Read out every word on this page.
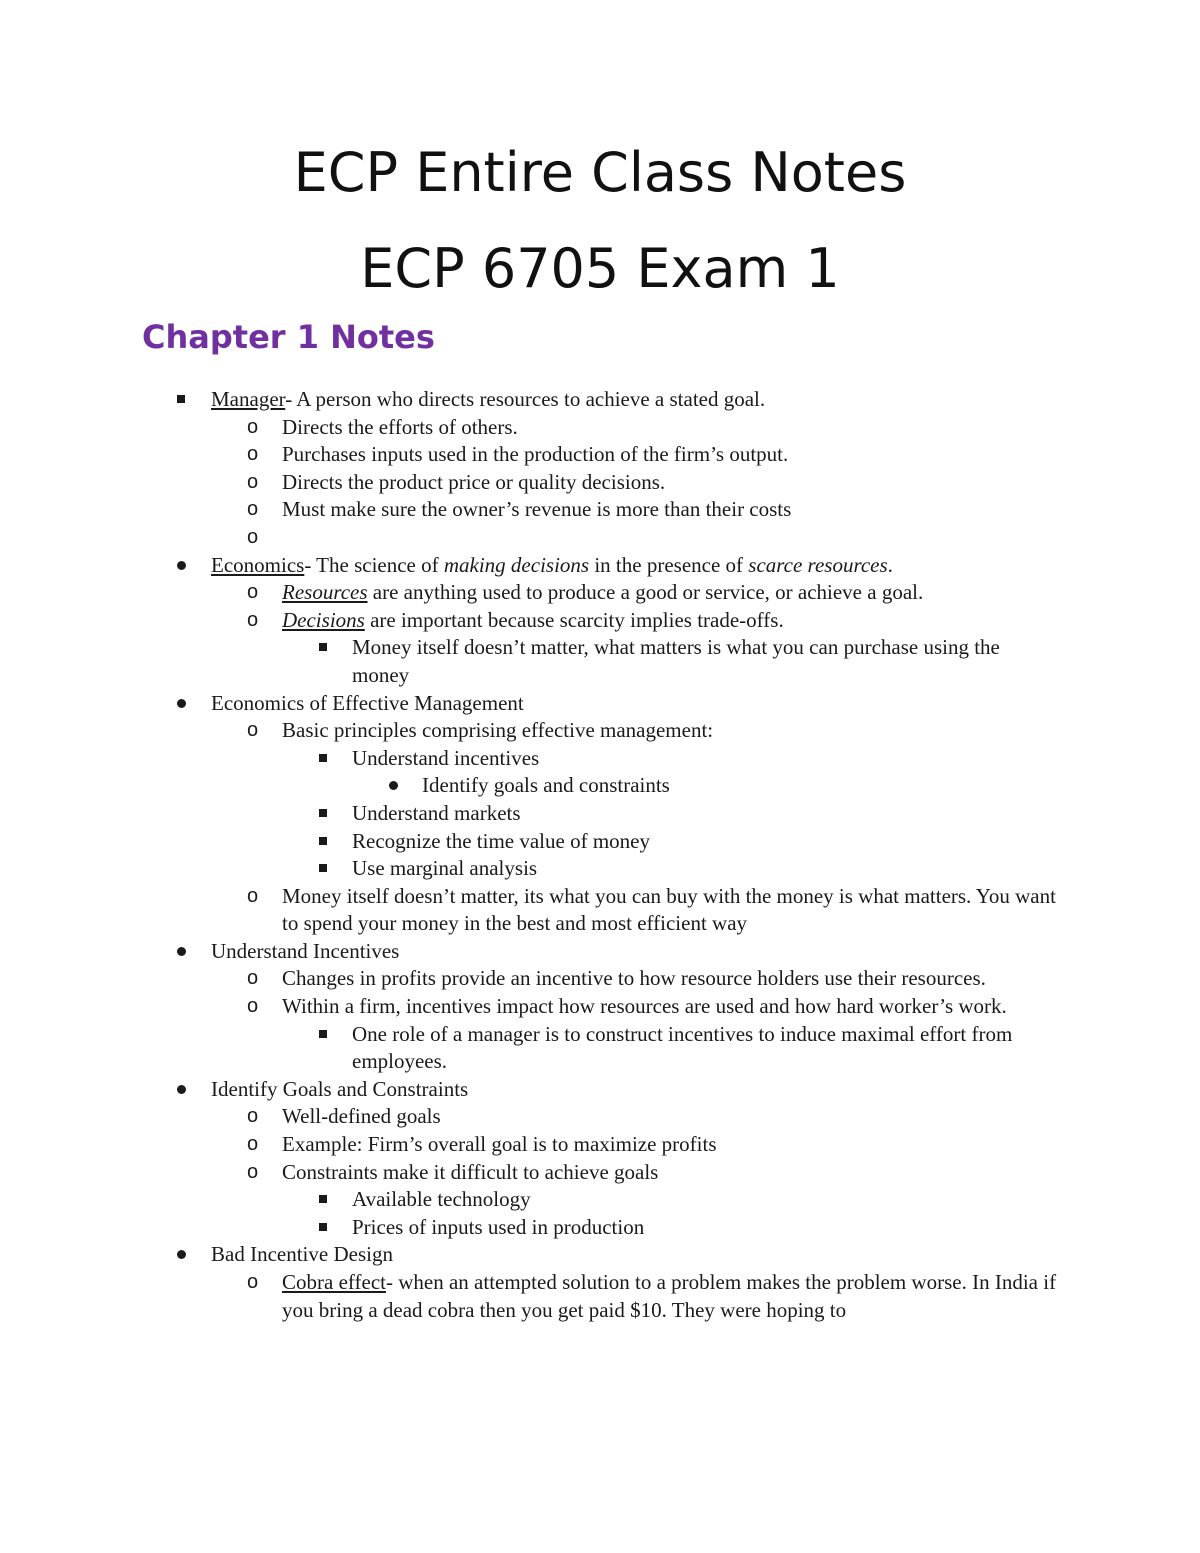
ECP Entire Class Notes
ECP 6705 Exam 1
Chapter 1 Notes
Manager- A person who directs resources to achieve a stated goal.
o Directs the efforts of others.
o Purchases inputs used in the production of the firm’s output.
o Directs the product price or quality decisions.
o Must make sure the owner’s revenue is more than their costs
o

Economics- The science of making decisions in the presence of scarce resources.
o Resources are anything used to produce a good or service, or achieve a goal.
o Decisions are important because scarcity implies trade-offs.
Money itself doesn’t matter, what matters is what you can purchase using the money
Economics of Effective Management
o Basic principles comprising effective management:
Understand incentives
Identify goals and constraints
Understand markets
Recognize the time value of money
Use marginal analysis
o Money itself doesn’t matter, its what you can buy with the money is what matters. You want to spend your money in the best and most efficient way
Understand Incentives
o Changes in profits provide an incentive to how resource holders use their resources.
o Within a firm, incentives impact how resources are used and how hard worker’s work.
One role of a manager is to construct incentives to induce maximal effort from employees.
Identify Goals and Constraints
o Well-defined goals
o Example: Firm’s overall goal is to maximize profits
o Constraints make it difficult to achieve goals
Available technology
Prices of inputs used in production
Bad Incentive Design
o Cobra effect- when an attempted solution to a problem makes the problem worse. In India if you bring a dead cobra then you get paid $10. They were hoping to
